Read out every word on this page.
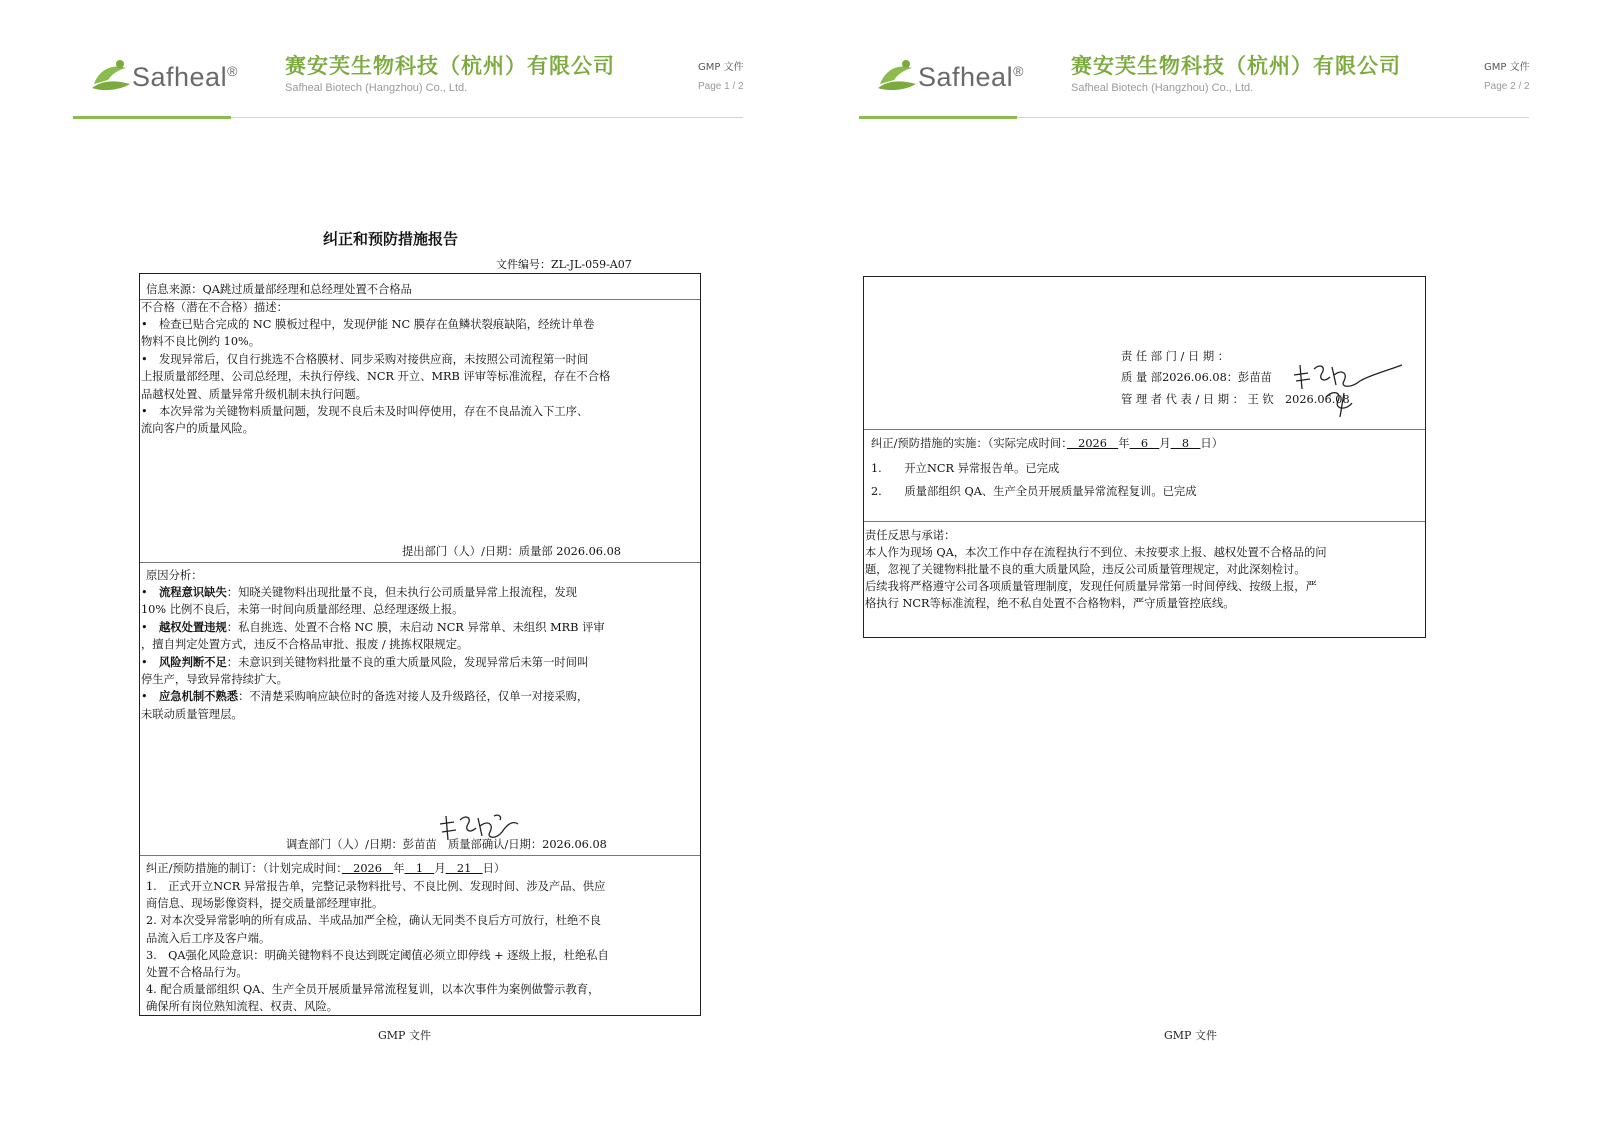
Safheal® 赛安芙生物科技（杭州）有限公司
Safheal Biotech (Hangzhou) Co., Ltd.
GMP 文件
Page 1 / 2
纠正和预防措施报告
文件编号：ZL-JL-059-A07
信息来源：QA跳过质量部经理和总经理处置不合格品
不合格（潜在不合格）描述：
•　检查已贴合完成的 NC 膜板过程中，发现伊能 NC 膜存在鱼鳞状裂痕缺陷，经统计单卷
物料不良比例约 10%。
•　发现异常后，仅自行挑选不合格膜材、同步采购对接供应商，未按照公司流程第一时间
上报质量部经理、公司总经理，未执行停线、NCR 开立、MRB 评审等标准流程，存在不合格
品越权处置、质量异常升级机制未执行问题。
•　本次异常为关键物料质量问题，发现不良后未及时叫停使用，存在不良品流入下工序、
流向客户的质量风险。
提出部门（人）/日期：质量部 2026.06.08
原因分析：
•　流程意识缺失：知晓关键物料出现批量不良，但未执行公司质量异常上报流程，发现
10% 比例不良后，未第一时间向质量部经理、总经理逐级上报。
•　越权处置违规：私自挑选、处置不合格 NC 膜，未启动 NCR 异常单、未组织 MRB 评审
，擅自判定处置方式，违反不合格品审批、报废 / 挑拣权限规定。
•　风险判断不足：未意识到关键物料批量不良的重大质量风险，发现异常后未第一时间叫
停生产，导致异常持续扩大。
•　应急机制不熟悉：不清楚采购响应缺位时的备选对接人及升级路径，仅单一对接采购，
未联动质量管理层。
调查部门（人）/日期：彭苗苗　质量部确认/日期：2026.06.08
纠正/预防措施的制订：（计划完成时间：　2026　年　1　月　21　日）
1.　正式开立NCR 异常报告单，完整记录物料批号、不良比例、发现时间、涉及产品、供应
商信息、现场影像资料，提交质量部经理审批。
2. 对本次受异常影响的所有成品、半成品加严全检，确认无同类不良后方可放行，杜绝不良
品流入后工序及客户端。
3.　QA强化风险意识：明确关键物料不良达到既定阈值必须立即停线 + 逐级上报，杜绝私自
处置不合格品行为。
4. 配合质量部组织 QA、生产全员开展质量异常流程复训，以本次事件为案例做警示教育，
确保所有岗位熟知流程、权责、风险。
GMP 文件
Safheal® 赛安芙生物科技（杭州）有限公司
Safheal Biotech (Hangzhou) Co., Ltd.
GMP 文件
Page 2 / 2
责 任 部 门 / 日 期 ：
质 量 部2026.06.08：彭苗苗
管 理 者 代 表 / 日 期 ： 王 钦　2026.06.08
纠正/预防措施的实施：（实际完成时间：　2026　年　6　月　8　日）
1.　　开立NCR 异常报告单。已完成
2.　　质量部组织 QA、生产全员开展质量异常流程复训。已完成
责任反思与承诺：
本人作为现场 QA，本次工作中存在流程执行不到位、未按要求上报、越权处置不合格品的问
题，忽视了关键物料批量不良的重大质量风险，违反公司质量管理规定，对此深刻检讨。
后续我将严格遵守公司各项质量管理制度，发现任何质量异常第一时间停线、按级上报，严
格执行 NCR等标准流程，绝不私自处置不合格物料，严守质量管控底线。
GMP 文件
